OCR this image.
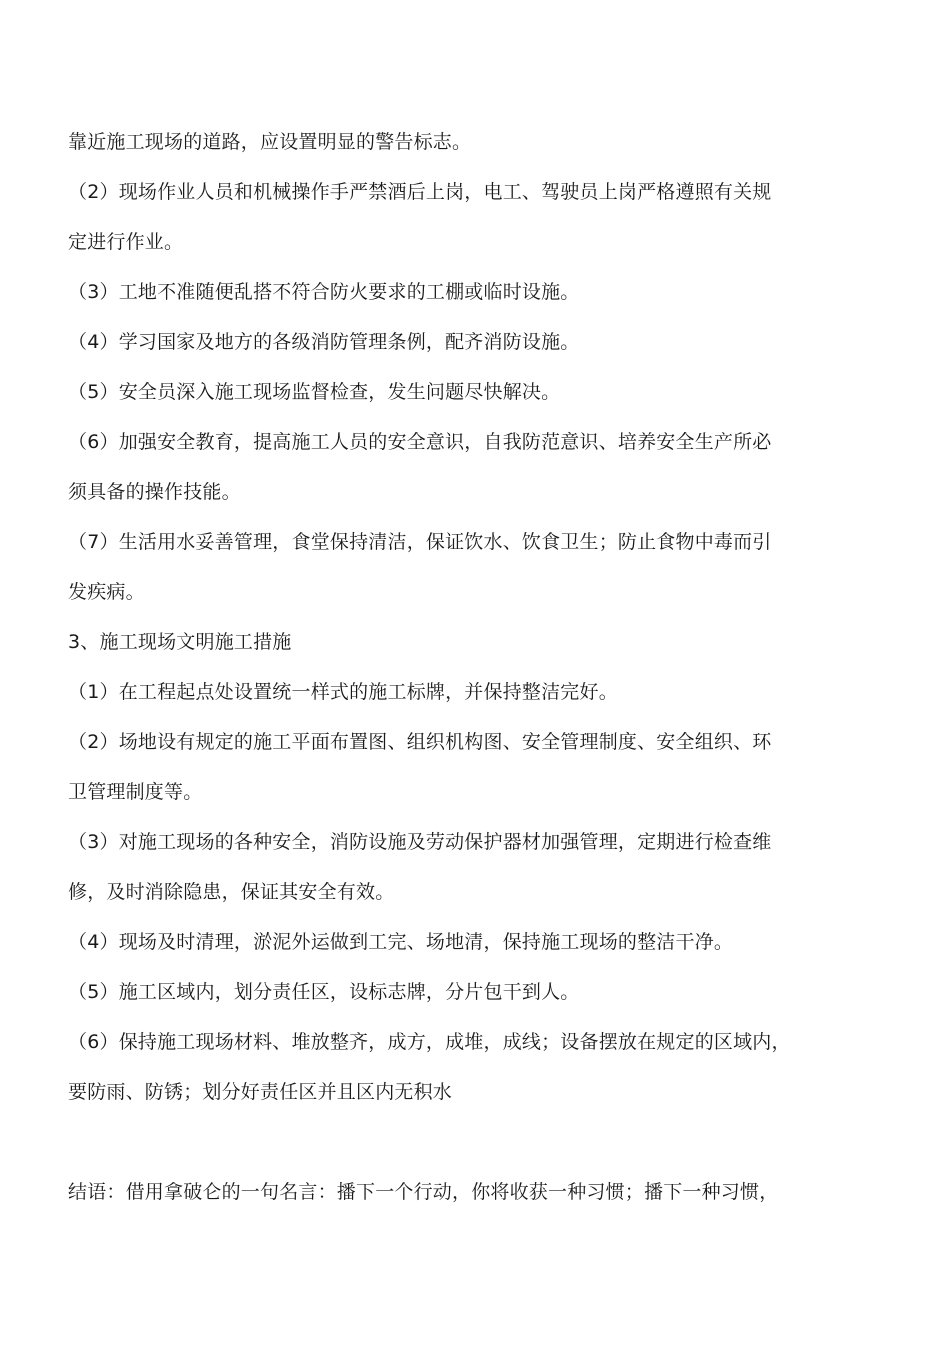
靠近施工现场的道路，应设置明显的警告标志。
（2）现场作业人员和机械操作手严禁酒后上岗，电工、驾驶员上岗严格遵照有关规
定进行作业。
（3）工地不准随便乱搭不符合防火要求的工棚或临时设施。
（4）学习国家及地方的各级消防管理条例，配齐消防设施。
（5）安全员深入施工现场监督检查，发生问题尽快解决。
（6）加强安全教育，提高施工人员的安全意识，自我防范意识、培养安全生产所必
须具备的操作技能。
（7）生活用水妥善管理，食堂保持清洁，保证饮水、饮食卫生；防止食物中毒而引
发疾病。
3、施工现场文明施工措施
（1）在工程起点处设置统一样式的施工标牌，并保持整洁完好。
（2）场地设有规定的施工平面布置图、组织机构图、安全管理制度、安全组织、环
卫管理制度等。
（3）对施工现场的各种安全，消防设施及劳动保护器材加强管理，定期进行检查维
修，及时消除隐患，保证其安全有效。
（4）现场及时清理，淤泥外运做到工完、场地清，保持施工现场的整洁干净。
（5）施工区域内，划分责任区，设标志牌，分片包干到人。
（6）保持施工现场材料、堆放整齐，成方，成堆，成线；设备摆放在规定的区域内，
要防雨、防锈；划分好责任区并且区内无积水
结语：借用拿破仑的一句名言：播下一个行动，你将收获一种习惯；播下一种习惯，
